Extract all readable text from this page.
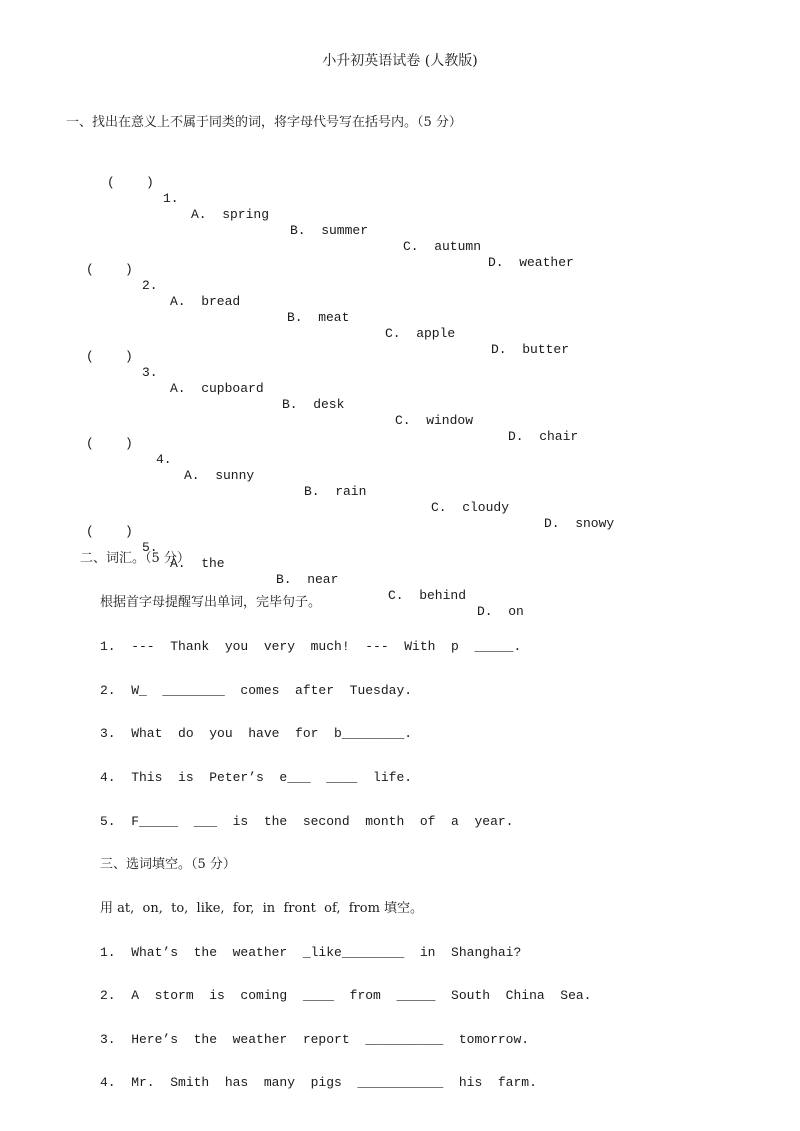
小升初英语试卷 (人教版)
一、找出在意义上不属于同类的词，将字母代号写在括号内。（5 分）

(    )

1.

A.  spring

B.  summer

C.  autumn

D.  weather

(    )

2.

A.  bread

B.  meat

C.  apple

D.  butter

(    )

3.

A.  cupboard

B.  desk

C.  window

D.  chair

(    )

4.

A.  sunny

B.  rain

C.  cloudy

D.  snowy

(    )

5.

A.  the

B.  near

C.  behind

D.  on

二、词汇。（5 分）
根据首字母提醒写出单词，完毕句子。
1.  ---  Thank  you  very  much!  ---  With  p  _____.
2.  W_  ________  comes  after  Tuesday.
3.  What  do  you  have  for  b________.
4.  This  is  Peter’s  e___  ____  life.
5.  F_____  ___  is  the  second  month  of  a  year.
三、选词填空。（5 分）
用 at,  on,  to,  like,  for,  in  front  of,  from 填空。
1.  What’s  the  weather  _like________  in  Shanghai?
2.  A  storm  is  coming  ____  from  _____  South  China  Sea.
3.  Here’s  the  weather  report  __________  tomorrow.
4.  Mr.  Smith  has  many  pigs  ___________  his  farm.
